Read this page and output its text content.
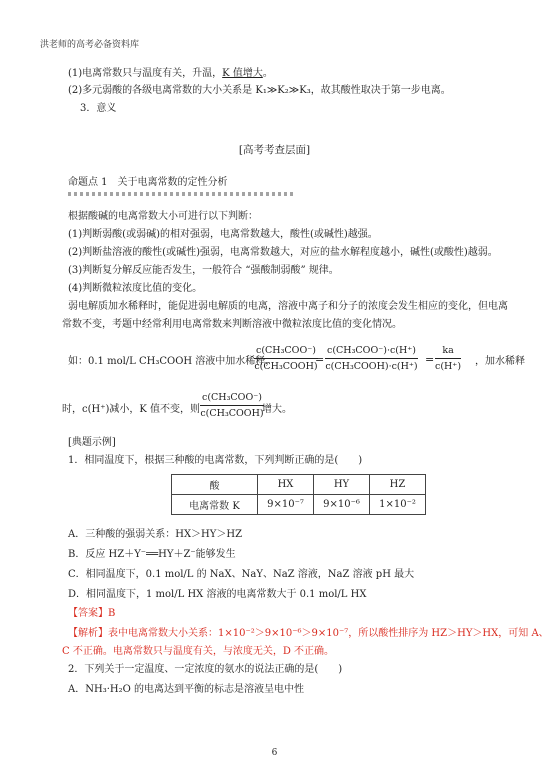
洪老师的高考必备资料库
(1)电离常数只与温度有关，升温，K 值增大。
(2)多元弱酸的各级电离常数的大小关系是 K₁≫K₂≫K₃，故其酸性取决于第一步电离。
3．意义
[高考考查层面]
命题点 1　关于电离常数的定性分析
根据酸碱的电离常数大小可进行以下判断：
(1)判断弱酸(或弱碱)的相对强弱，电离常数越大，酸性(或碱性)越强。
(2)判断盐溶液的酸性(或碱性)强弱，电离常数越大，对应的盐水解程度越小，碱性(或酸性)越弱。
(3)判断复分解反应能否发生，一般符合 “强酸制弱酸” 规律。
(4)判断微粒浓度比值的变化。
弱电解质加水稀释时，能促进弱电解质的电离，溶液中离子和分子的浓度会发生相应的变化，但电离
常数不变，考题中经常利用电离常数来判断溶液中微粒浓度比值的变化情况。
如：0.1 mol/L CH₃COOH 溶液中加水稀释，
c(CH₃COO⁻)
c(CH₃COOH)
=
c(CH₃COO⁻)·c(H⁺)
c(CH₃COOH)·c(H⁺)
= $\frac{ka}{c(H^+)}$ ，加水稀释
时，c(H⁺)减小，K 值不变，则
c(CH₃COO⁻)
c(CH₃COOH)
增大。
[典题示例]
1．相同温度下，根据三种酸的电离常数，下列判断正确的是(　　)
酸	HX	HY	HZ
电离常数 K	9×10⁻⁷	9×10⁻⁶	1×10⁻²
A．三种酸的强弱关系：HX＞HY＞HZ
B．反应 HZ＋Y⁻══HY＋Z⁻能够发生
C．相同温度下，0.1 mol/L 的 NaX、NaY、NaZ 溶液，NaZ 溶液 pH 最大
D．相同温度下，1 mol/L HX 溶液的电离常数大于 0.1 mol/L HX
【答案】B
【解析】表中电离常数大小关系：1×10⁻²＞9×10⁻⁶＞9×10⁻⁷，所以酸性排序为 HZ＞HY＞HX，可知 A、
C 不正确。电离常数只与温度有关，与浓度无关，D 不正确。
2．下列关于一定温度、一定浓度的氨水的说法正确的是(　　)
A．NH₃·H₂O 的电离达到平衡的标志是溶液呈电中性
6
